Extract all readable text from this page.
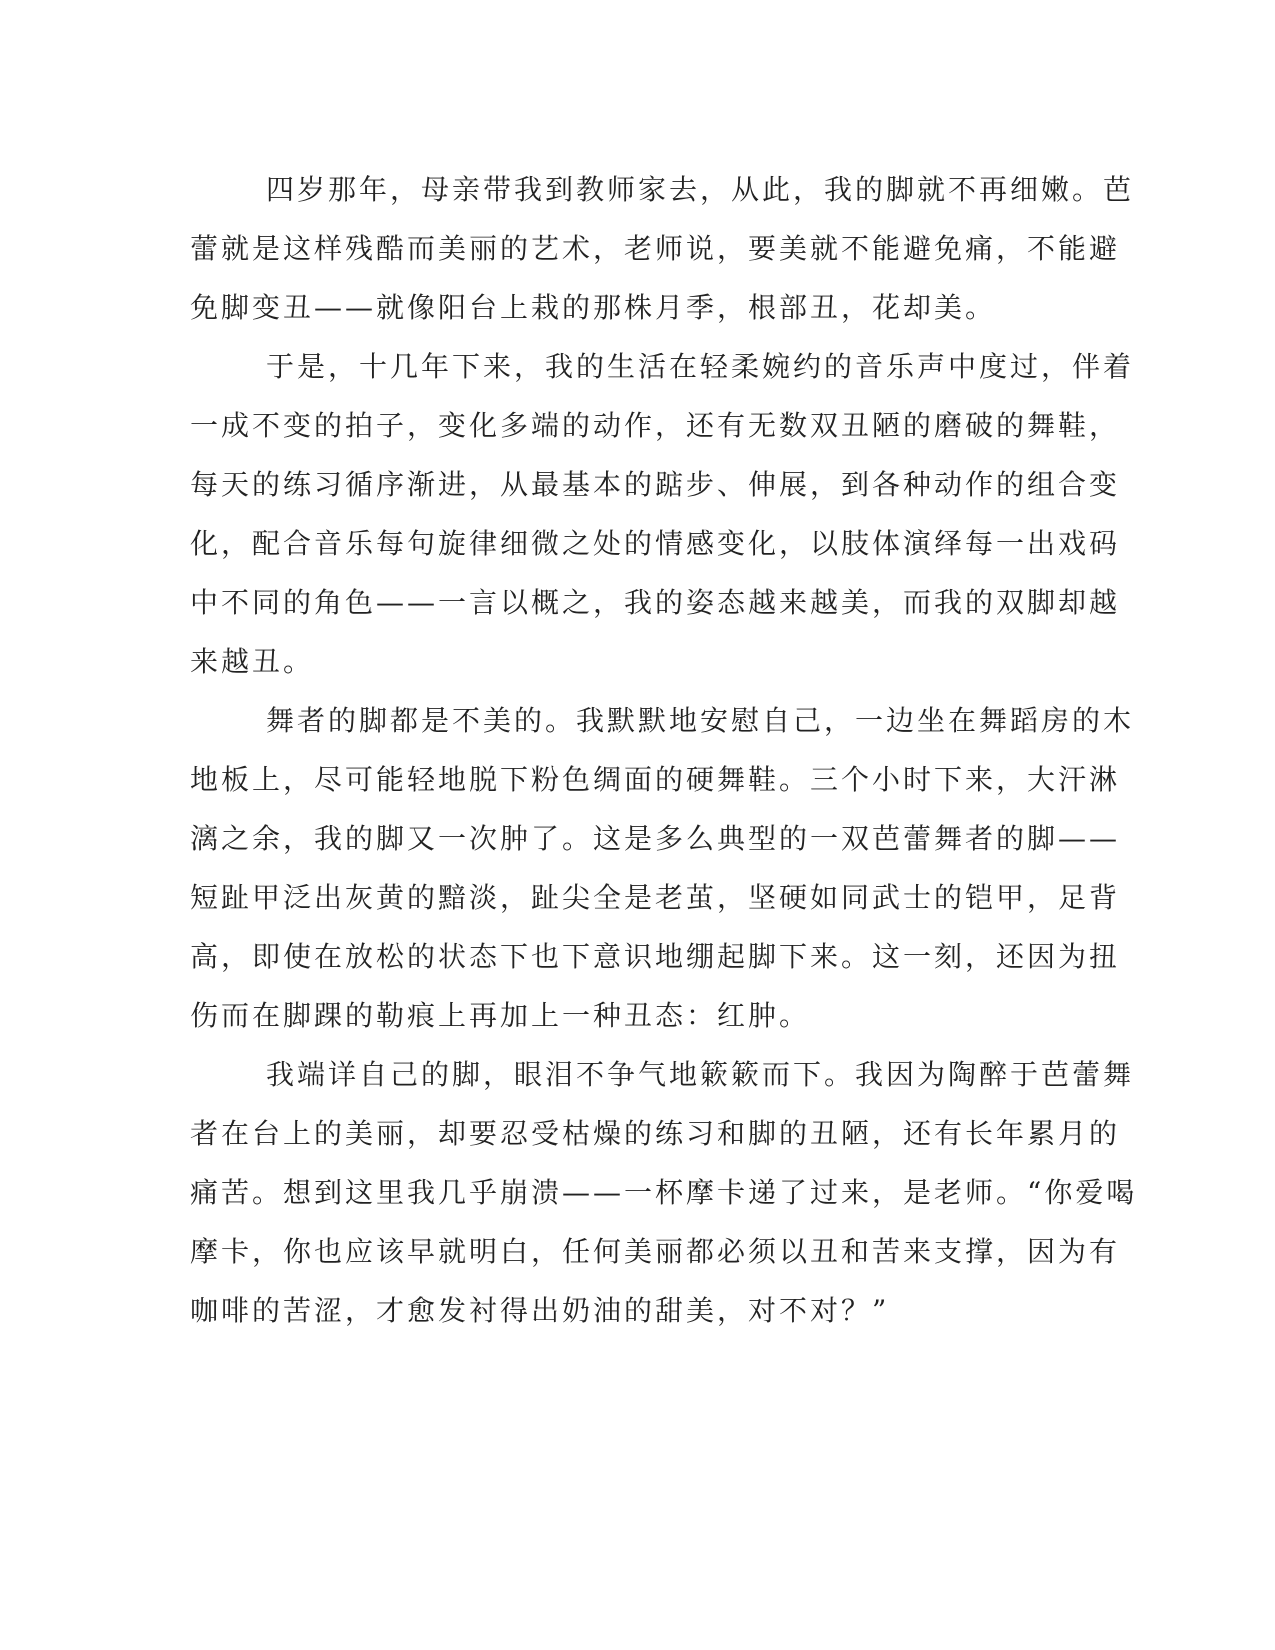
四岁那年，母亲带我到教师家去，从此，我的脚就不再细嫩。芭
蕾就是这样残酷而美丽的艺术，老师说，要美就不能避免痛，不能避
免脚变丑——就像阳台上栽的那株月季，根部丑，花却美。
于是，十几年下来，我的生活在轻柔婉约的音乐声中度过，伴着
一成不变的拍子，变化多端的动作，还有无数双丑陋的磨破的舞鞋，
每天的练习循序渐进，从最基本的踮步、伸展，到各种动作的组合变
化，配合音乐每句旋律细微之处的情感变化，以肢体演绎每一出戏码
中不同的角色——一言以概之，我的姿态越来越美，而我的双脚却越
来越丑。
舞者的脚都是不美的。我默默地安慰自己，一边坐在舞蹈房的木
地板上，尽可能轻地脱下粉色绸面的硬舞鞋。三个小时下来，大汗淋
漓之余，我的脚又一次肿了。这是多么典型的一双芭蕾舞者的脚——
短趾甲泛出灰黄的黯淡，趾尖全是老茧，坚硬如同武士的铠甲，足背
高，即使在放松的状态下也下意识地绷起脚下来。这一刻，还因为扭
伤而在脚踝的勒痕上再加上一种丑态：红肿。
我端详自己的脚，眼泪不争气地簌簌而下。我因为陶醉于芭蕾舞
者在台上的美丽，却要忍受枯燥的练习和脚的丑陋，还有长年累月的
痛苦。想到这里我几乎崩溃——一杯摩卡递了过来，是老师。“你爱喝
摩卡，你也应该早就明白，任何美丽都必须以丑和苦来支撑，因为有
咖啡的苦涩，才愈发衬得出奶油的甜美，对不对？”
